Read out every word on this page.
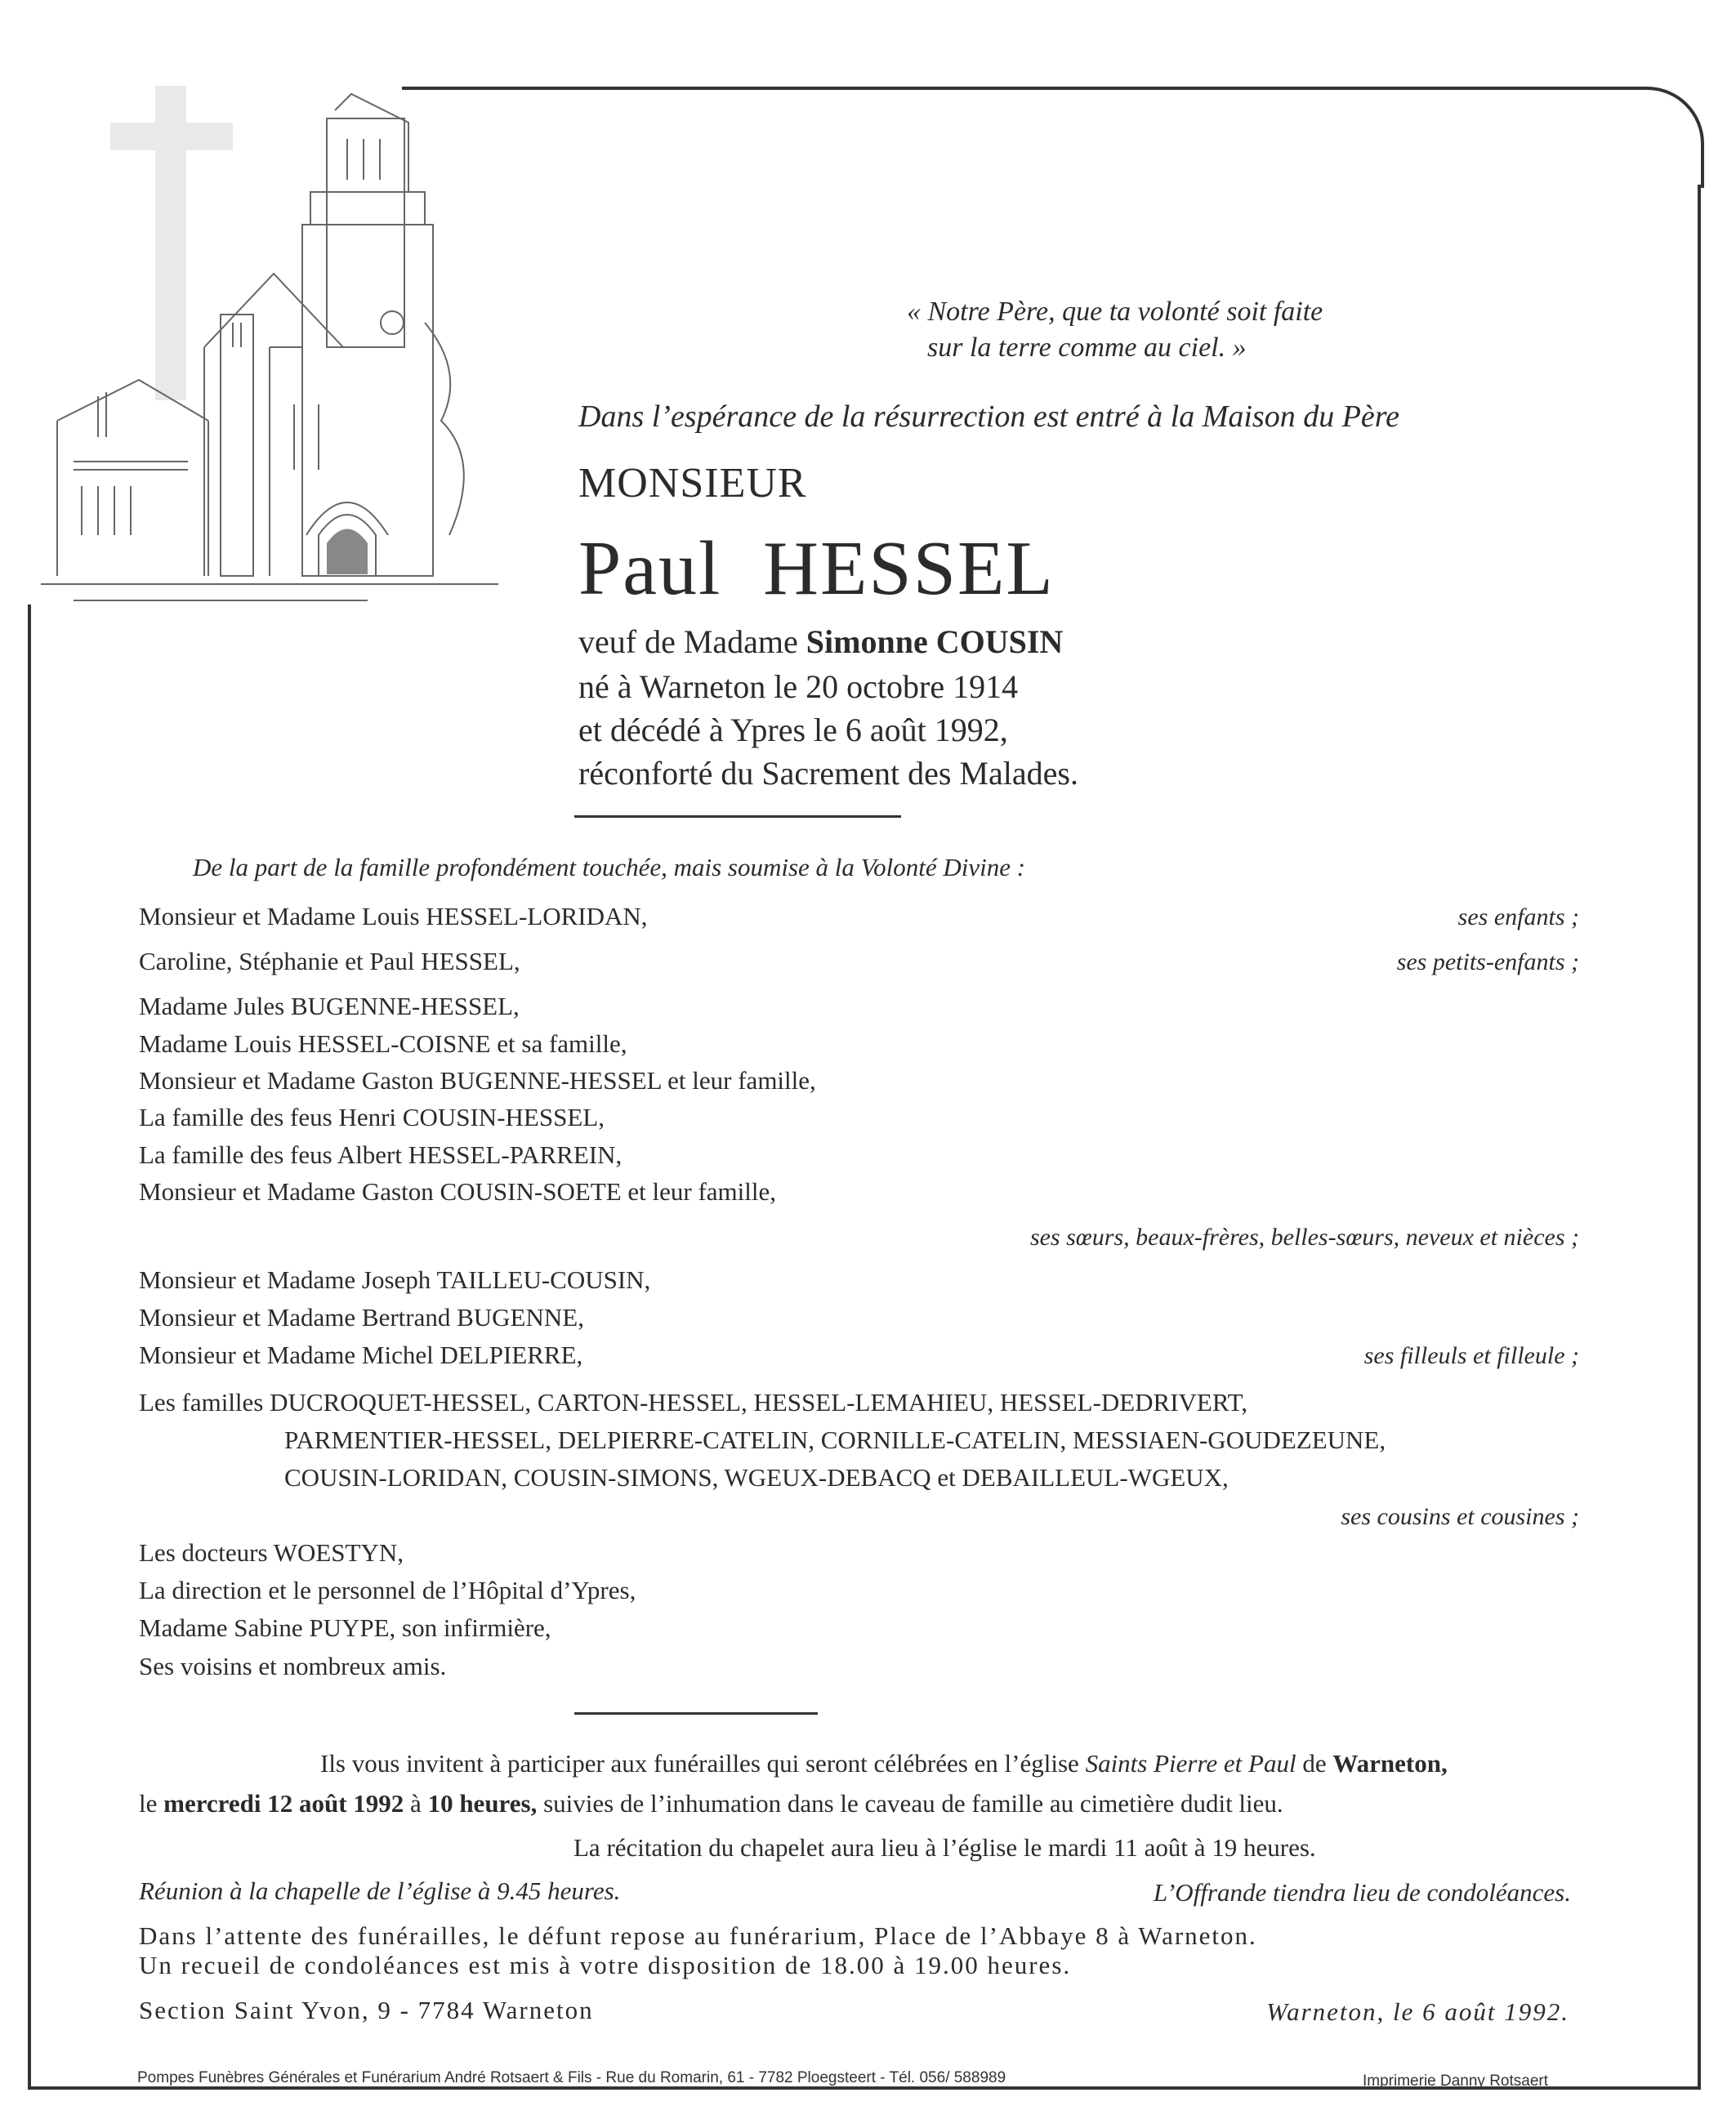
« Notre Père, que ta volonté soit faite
sur la terre comme au ciel. »
Dans l’espérance de la résurrection est entré à la Maison du Père
MONSIEUR
Paul  HESSEL
veuf de Madame Simonne COUSIN
né à Warneton le 20 octobre 1914
et décédé à Ypres le 6 août 1992,
réconforté du Sacrement des Malades.
De la part de la famille profondément touchée, mais soumise à la Volonté Divine :
Monsieur et Madame Louis HESSEL-LORIDAN,	ses enfants ;
Caroline, Stéphanie et Paul HESSEL,	ses petits-enfants ;
Madame Jules BUGENNE-HESSEL,
Madame Louis HESSEL-COISNE et sa famille,
Monsieur et Madame Gaston BUGENNE-HESSEL et leur famille,
La famille des feus Henri COUSIN-HESSEL,
La famille des feus Albert HESSEL-PARREIN,
Monsieur et Madame Gaston COUSIN-SOETE et leur famille,
ses sœurs, beaux-frères, belles-sœurs, neveux et nièces ;
Monsieur et Madame Joseph TAILLEU-COUSIN,
Monsieur et Madame Bertrand BUGENNE,
Monsieur et Madame Michel DELPIERRE,	ses filleuls et filleule ;
Les familles DUCROQUET-HESSEL, CARTON-HESSEL, HESSEL-LEMAHIEU, HESSEL-DEDRIVERT,
PARMENTIER-HESSEL, DELPIERRE-CATELIN, CORNILLE-CATELIN, MESSIAEN-GOUDEZEUNE,
COUSIN-LORIDAN, COUSIN-SIMONS, WGEUX-DEBACQ et DEBAILLEUL-WGEUX,
ses cousins et cousines ;
Les docteurs WOESTYN,
La direction et le personnel de l’Hôpital d’Ypres,
Madame Sabine PUYPE, son infirmière,
Ses voisins et nombreux amis.
Ils vous invitent à participer aux funérailles qui seront célébrées en l’église Saints Pierre et Paul de Warneton,
le mercredi 12 août 1992 à 10 heures, suivies de l’inhumation dans le caveau de famille au cimetière dudit lieu.
La récitation du chapelet aura lieu à l’église le mardi 11 août à 19 heures.
Réunion à la chapelle de l’église à 9.45 heures.	L’Offrande tiendra lieu de condoléances.
Dans l’attente des funérailles, le défunt repose au funérarium, Place de l’Abbaye 8 à Warneton.
Un recueil de condoléances est mis à votre disposition de 18.00 à 19.00 heures.
Section Saint Yvon, 9 - 7784 Warneton	Warneton, le 6 août 1992.
Pompes Funèbres Générales et Funérarium André Rotsaert & Fils - Rue du Romarin, 61 - 7782 Ploegsteert - Tél. 056/ 588989	Imprimerie Danny Rotsaert
